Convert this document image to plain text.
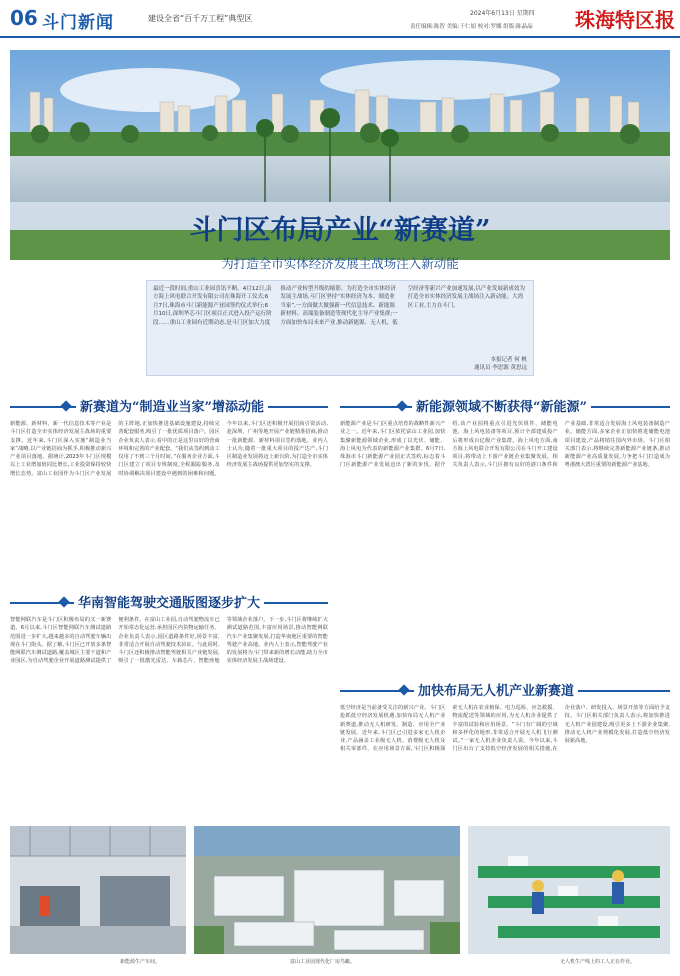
06 斗门新闻	建设全省“百千万工程”典型区
2024年6月13日 星期四
责任编辑:陈智 美编:于仁娟 校对:罗娜 组版:陈晶晶 珠海特区报
斗门区布局产业“新赛道”
为打造全市实体经济发展主战场注入新动能
最近一段时间,重山工业园喜讯不断。4月12日,南方海上风电联合开发有限公司在珠海开工仪式;6月7日,珠海市斗门新能源产业园签约仪式举行;6月10日,深圳华芯斗门区项目正式进入投产运行阶段……重山工业园有近期动态,是斗门区加大力度推动产业转型升级的缩影。为打造全市实体经济发展主战场,斗门区坚持“实体经济为本、制造业当家”,一方面做大做强新一代信息技术、新能源新材料、高端装备制造等现代化主导产业集群;一方面加快布局未来产业,推动新能源、无人机、低空经济等新兴产业加速发展,以产业发展新成效为打造全市实体经济发展主战场注入新动能。大湾区工业,主力在斗门。
本报记者 何 帆
通讯员 李思源 黄思远
新赛道为“制造业当家”增添动能
新能源、新材料、新一代信息技术等产业是斗门区打造全市实体经济发展主战场的重要支撑。近年来,斗门区深入实施“制造业当家”战略,以产业链招商为抓手,积极推动新兴产业项目落地。据统计,2023年斗门区规模以上工业增加值同比增长,工业投资保持较快增长态势。富山工业园作为斗门区产业发展的主阵地,正加快推进基础设施建设,持续完善配套服务,吸引了一批优质项目落户。园区企业负责人表示,看中的正是这里良好的营商环境和完善的产业配套。“我们从签约到动工仅用了不到三个月时间。”在服务企业方面,斗门区建立了项目专班制度,全程跟踪服务,及时协调解决项目建设中遇到的困难和问题。今年以来,斗门区还积极开展招商引资活动,赴深圳、广州等地开展产业链精准招商,推动一批新能源、新材料项目签约落地。业内人士认为,随着一批重大项目的投产达产,斗门区制造业发展将迈上新台阶,为打造全市实体经济发展主战场提供更加坚实的支撑。
新能源领域不断获得“新能源”
新能源产业是斗门区重点培育的战略性新兴产业之一。近年来,斗门区依托富山工业园,加快集聚新能源领域企业,形成了以光伏、储能、海上风电为代表的新能源产业集群。6月7日,珠海市斗门新能源产业园正式签约,标志着斗门区新能源产业发展迈出了新的步伐。据介绍,该产业园将重点引进光伏组件、储能电池、海上风电装备等项目,预计全部建成投产后将形成百亿级产业集群。海上风电方面,南方海上风电联合开发有限公司在斗门开工建设项目,将带动上下游产业链企业集聚发展。相关负责人表示,斗门区拥有良好的港口条件和产业基础,非常适合发展海上风电装备制造产业。储能方面,多家企业正加快推进储能电池项目建设,产品将销往国内外市场。斗门区相关部门表示,将继续完善新能源产业链条,推动新能源产业高质量发展,力争把斗门打造成为粤港澳大湾区重要的新能源产业基地。
华南智能驾驶交通版图逐步扩大
智能网联汽车是斗门区积极布局的又一新赛道。6月以来,斗门区智能网联汽车测试道路范围进一步扩大,越来越多的自动驾驶车辆出现在斗门街头。据了解,斗门区已开放多条智能网联汽车测试道路,覆盖城区主要干道和产业园区,为自动驾驶企业开展道路测试提供了便利条件。在富山工业园,自动驾驶物流车已开始常态化运营,承担园区内货物运输任务。企业负责人表示,园区道路条件好,场景丰富,非常适合开展自动驾驶技术验证。与此同时,斗门区还积极推动智能驾驶相关产业链发展,吸引了一批激光雷达、车载芯片、智能座舱等领域企业落户。下一步,斗门区将继续扩大测试道路范围,丰富应用场景,推动智能网联汽车产业集聚发展,打造华南地区重要的智能驾驶产业高地。业内人士表示,智能驾驶产业的发展将为斗门带来新的增长动能,助力全市实体经济发展主战场建设。
加快布局无人机产业新赛道
低空经济是当前备受关注的新兴产业。斗门区抢抓低空经济发展机遇,加快布局无人机产业新赛道,推动无人机研发、制造、应用全产业链发展。近年来,斗门区已引进多家无人机企业,产品涵盖工业级无人机、消费级无人机及相关零部件。在应用场景方面,斗门区积极探索无人机在农业植保、电力巡检、应急救援、物流配送等领域的应用,为无人机企业提供了丰富的试验和应用场景。“斗门有广阔的空域和多样化的地形,非常适合开展无人机飞行测试。”一家无人机企业负责人说。今年以来,斗门区出台了支持低空经济发展的相关措施,在企业落户、研发投入、场景开放等方面给予支持。斗门区相关部门负责人表示,将加快推进无人机产业园建设,吸引更多上下游企业集聚,推动无人机产业规模化发展,打造低空经济发展新高地。
新能源生产车间。	富山工业园现代化厂房鸟瞰。	无人机生产线上的工人正在作业。
